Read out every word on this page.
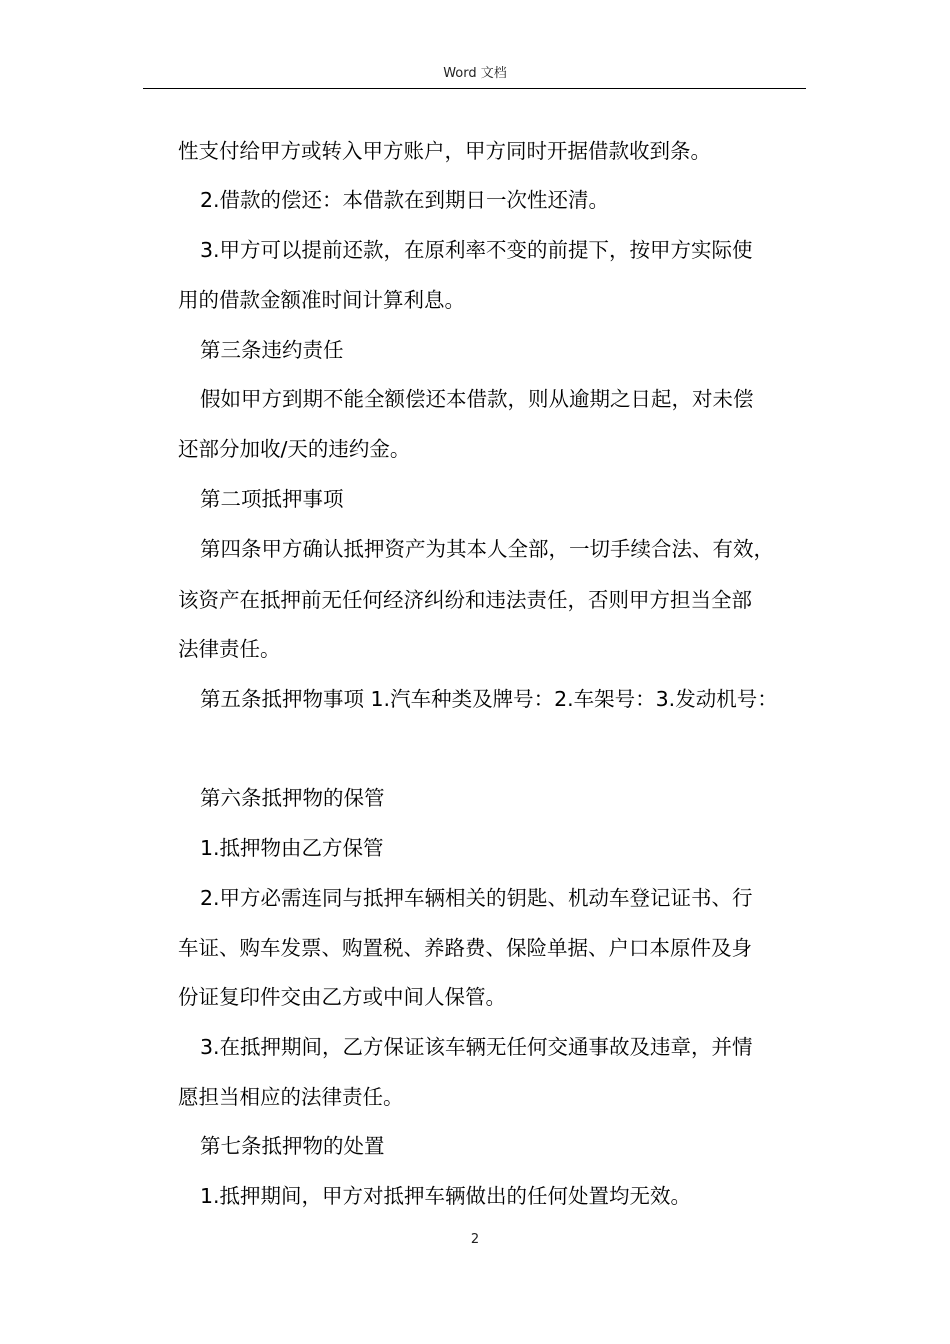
Word 文档
性支付给甲方或转入甲方账户，甲方同时开据借款收到条。
2.借款的偿还：本借款在到期日一次性还清。
3.甲方可以提前还款，在原利率不变的前提下，按甲方实际使
用的借款金额准时间计算利息。
第三条违约责任
假如甲方到期不能全额偿还本借款，则从逾期之日起，对未偿
还部分加收/天的违约金。
第二项抵押事项
第四条甲方确认抵押资产为其本人全部，一切手续合法、有效，
该资产在抵押前无任何经济纠纷和违法责任，否则甲方担当全部
法律责任。
第五条抵押物事项 1.汽车种类及牌号：2.车架号：3.发动机号：
第六条抵押物的保管
1.抵押物由乙方保管
2.甲方必需连同与抵押车辆相关的钥匙、机动车登记证书、行
车证、购车发票、购置税、养路费、保险单据、户口本原件及身
份证复印件交由乙方或中间人保管。
3.在抵押期间，乙方保证该车辆无任何交通事故及违章，并情
愿担当相应的法律责任。
第七条抵押物的处置
1.抵押期间，甲方对抵押车辆做出的任何处置均无效。
2
